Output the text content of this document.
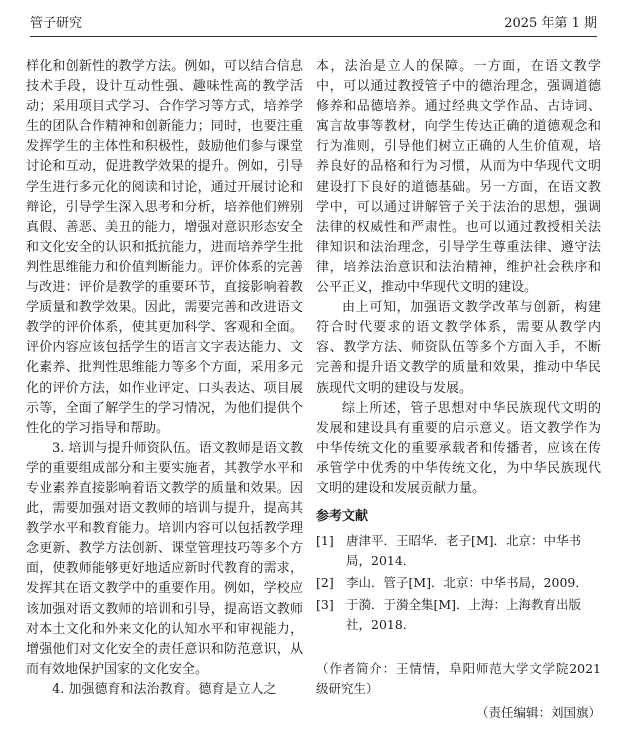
管子研究	2025 年第 1 期

样化和创新性的教学方法。例如，可以结合信息技术手段，设计互动性强、趣味性高的教学活动；采用项目式学习、合作学习等方式，培养学生的团队合作精神和创新能力；同时，也要注重发挥学生的主体性和积极性，鼓励他们参与课堂讨论和互动，促进教学效果的提升。例如，引导学生进行多元化的阅读和讨论，通过开展讨论和辩论，引导学生深入思考和分析，培养他们辨别真假、善恶、美丑的能力，增强对意识形态安全和文化安全的认识和抵抗能力，进而培养学生批判性思维能力和价值判断能力。评价体系的完善与改进：评价是教学的重要环节，直接影响着教学质量和教学效果。因此，需要完善和改进语文教学的评价体系，使其更加科学、客观和全面。评价内容应该包括学生的语言文字表达能力、文化素养、批判性思维能力等多个方面，采用多元化的评价方法，如作业评定、口头表达、项目展示等，全面了解学生的学习情况，为他们提供个性化的学习指导和帮助。

3. 培训与提升师资队伍。语文教师是语文教学的重要组成部分和主要实施者，其教学水平和专业素养直接影响着语文教学的质量和效果。因此，需要加强对语文教师的培训与提升，提高其教学水平和教育能力。培训内容可以包括教学理念更新、教学方法创新、课堂管理技巧等多个方面，使教师能够更好地适应新时代教育的需求，发挥其在语文教学中的重要作用。例如，学校应该加强对语文教师的培训和引导，提高语文教师对本土文化和外来文化的认知水平和审视能力，增强他们对文化安全的责任意识和防范意识，从而有效地保护国家的文化安全。

4. 加强德育和法治教育。德育是立人之

本，法治是立人的保障。一方面，在语文教学中，可以通过教授管子中的德治理念，强调道德修养和品德培养。通过经典文学作品、古诗词、寓言故事等教材，向学生传达正确的道德观念和行为准则，引导他们树立正确的人生价值观，培养良好的品格和行为习惯，从而为中华现代文明建设打下良好的道德基础。另一方面，在语文教学中，可以通过讲解管子关于法治的思想，强调法律的权威性和严肃性。也可以通过教授相关法律知识和法治理念，引导学生尊重法律、遵守法律，培养法治意识和法治精神，维护社会秩序和公平正义，推动中华现代文明的建设。

由上可知，加强语文教学改革与创新，构建符合时代要求的语文教学体系，需要从教学内容、教学方法、师资队伍等多个方面入手，不断完善和提升语文教学的质量和效果，推动中华民族现代文明的建设与发展。

综上所述，管子思想对中华民族现代文明的发展和建设具有重要的启示意义。语文教学作为中华传统文化的重要承载者和传播者，应该在传承管学中优秀的中华传统文化，为中华民族现代文明的建设和发展贡献力量。

参考文献

[1] 唐津平．王昭华．老子[M]．北京：中华书局，2014．

[2] 李山．管子[M]．北京：中华书局，2009．

[3] 于漪．于漪全集[M]．上海：上海教育出版社，2018．

（作者简介：王情情，阜阳师范大学文学院2021 级研究生）

（责任编辑：刘国旗）
